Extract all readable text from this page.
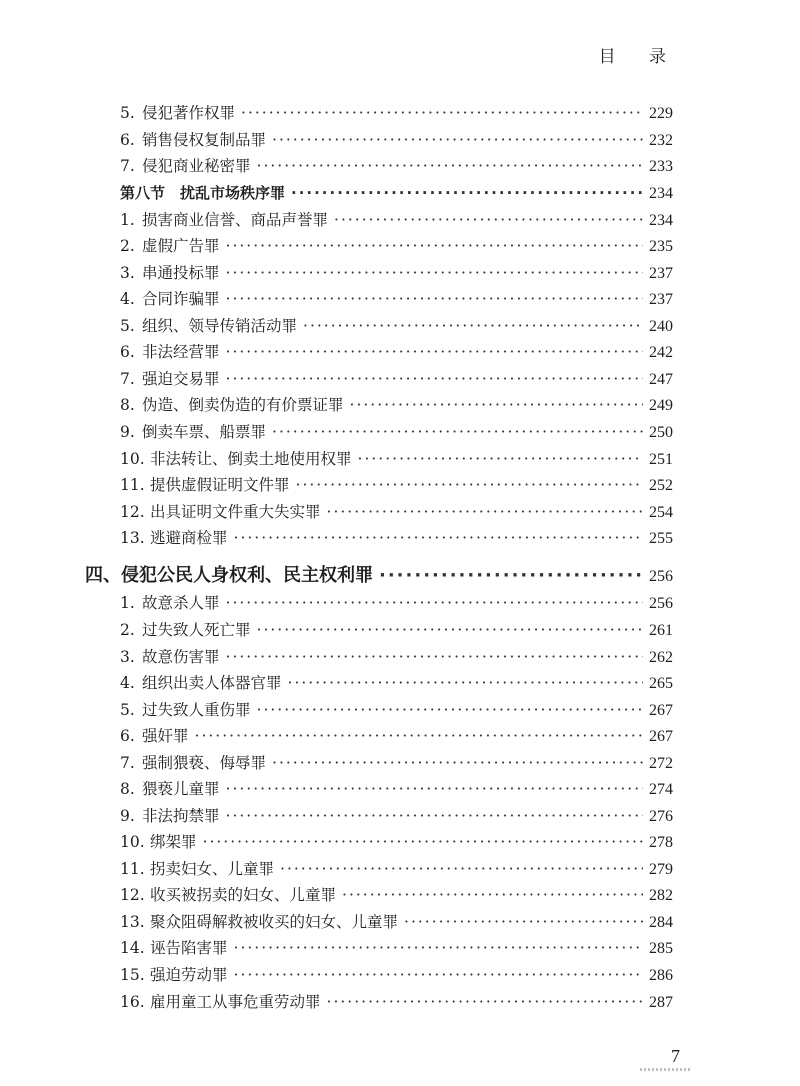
目 录
5. 侵犯著作权罪 ·····	229
6. 销售侵权复制品罪 ·····	232
7. 侵犯商业秘密罪 ·····	233
第八节　扰乱市场秩序罪 ·····	234
1. 损害商业信誉、商品声誉罪 ·····	234
2. 虚假广告罪 ·····	235
3. 串通投标罪 ·····	237
4. 合同诈骗罪 ·····	237
5. 组织、领导传销活动罪 ·····	240
6. 非法经营罪 ·····	242
7. 强迫交易罪 ·····	247
8. 伪造、倒卖伪造的有价票证罪 ·····	249
9. 倒卖车票、船票罪 ·····	250
10. 非法转让、倒卖土地使用权罪 ·····	251
11. 提供虚假证明文件罪 ·····	252
12. 出具证明文件重大失实罪 ·····	254
13. 逃避商检罪 ·····	255
四、侵犯公民人身权利、民主权利罪 ·····	256
1. 故意杀人罪 ·····	256
2. 过失致人死亡罪 ·····	261
3. 故意伤害罪 ·····	262
4. 组织出卖人体器官罪 ·····	265
5. 过失致人重伤罪 ·····	267
6. 强奸罪 ·····	267
7. 强制猥亵、侮辱罪 ·····	272
8. 猥亵儿童罪 ·····	274
9. 非法拘禁罪 ·····	276
10. 绑架罪 ·····	278
11. 拐卖妇女、儿童罪 ·····	279
12. 收买被拐卖的妇女、儿童罪 ·····	282
13. 聚众阻碍解救被收买的妇女、儿童罪 ·····	284
14. 诬告陷害罪 ·····	285
15. 强迫劳动罪 ·····	286
16. 雇用童工从事危重劳动罪 ·····	287
7
